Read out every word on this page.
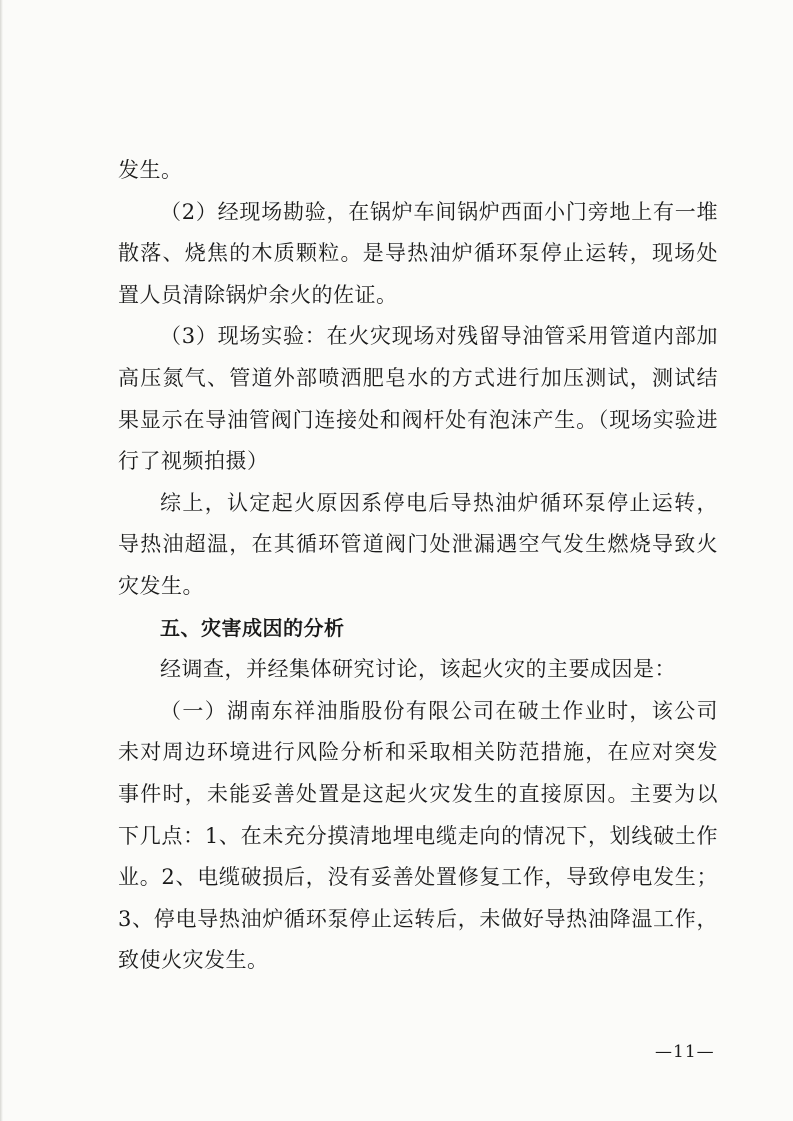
发生。

（2）经现场勘验，在锅炉车间锅炉西面小门旁地上有一堆散落、烧焦的木质颗粒。是导热油炉循环泵停止运转，现场处置人员清除锅炉余火的佐证。

（3）现场实验：在火灾现场对残留导油管采用管道内部加高压氮气、管道外部喷洒肥皂水的方式进行加压测试，测试结果显示在导油管阀门连接处和阀杆处有泡沫产生。（现场实验进行了视频拍摄）

综上，认定起火原因系停电后导热油炉循环泵停止运转，导热油超温，在其循环管道阀门处泄漏遇空气发生燃烧导致火灾发生。

五、灾害成因的分析

经调查，并经集体研究讨论，该起火灾的主要成因是：

（一）湖南东祥油脂股份有限公司在破土作业时，该公司未对周边环境进行风险分析和采取相关防范措施，在应对突发事件时，未能妥善处置是这起火灾发生的直接原因。主要为以下几点：1、在未充分摸清地埋电缆走向的情况下，划线破土作业。2、电缆破损后，没有妥善处置修复工作，导致停电发生；3、停电导热油炉循环泵停止运转后，未做好导热油降温工作，致使火灾发生。

—11—
